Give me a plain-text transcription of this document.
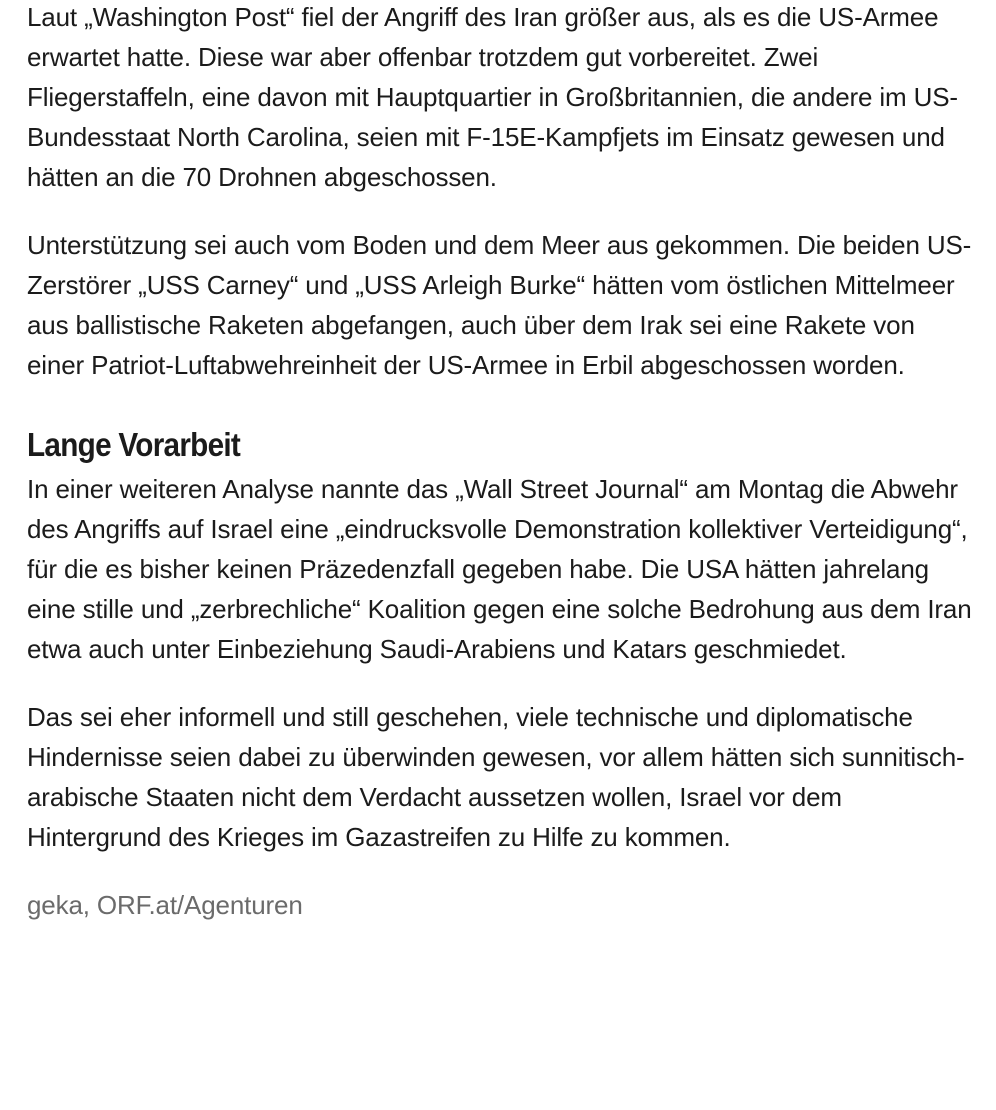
Laut „Washington Post“ fiel der Angriff des Iran größer aus, als es die US-Armee erwartet hatte. Diese war aber offenbar trotzdem gut vorbereitet. Zwei Fliegerstaffeln, eine davon mit Hauptquartier in Großbritannien, die andere im US-Bundesstaat North Carolina, seien mit F-15E-Kampfjets im Einsatz gewesen und hätten an die 70 Drohnen abgeschossen.

Unterstützung sei auch vom Boden und dem Meer aus gekommen. Die beiden US-Zerstörer „USS Carney“ und „USS Arleigh Burke“ hätten vom östlichen Mittelmeer aus ballistische Raketen abgefangen, auch über dem Irak sei eine Rakete von einer Patriot-Luftabwehreinheit der US-Armee in Erbil abgeschossen worden.

Lange Vorarbeit

In einer weiteren Analyse nannte das „Wall Street Journal“ am Montag die Abwehr des Angriffs auf Israel eine „eindrucksvolle Demonstration kollektiver Verteidigung“, für die es bisher keinen Präzedenzfall gegeben habe. Die USA hätten jahrelang eine stille und „zerbrechliche“ Koalition gegen eine solche Bedrohung aus dem Iran etwa auch unter Einbeziehung Saudi-Arabiens und Katars geschmiedet.

Das sei eher informell und still geschehen, viele technische und diplomatische Hindernisse seien dabei zu überwinden gewesen, vor allem hätten sich sunnitisch-arabische Staaten nicht dem Verdacht aussetzen wollen, Israel vor dem Hintergrund des Krieges im Gazastreifen zu Hilfe zu kommen.

geka, ORF.at/Agenturen
